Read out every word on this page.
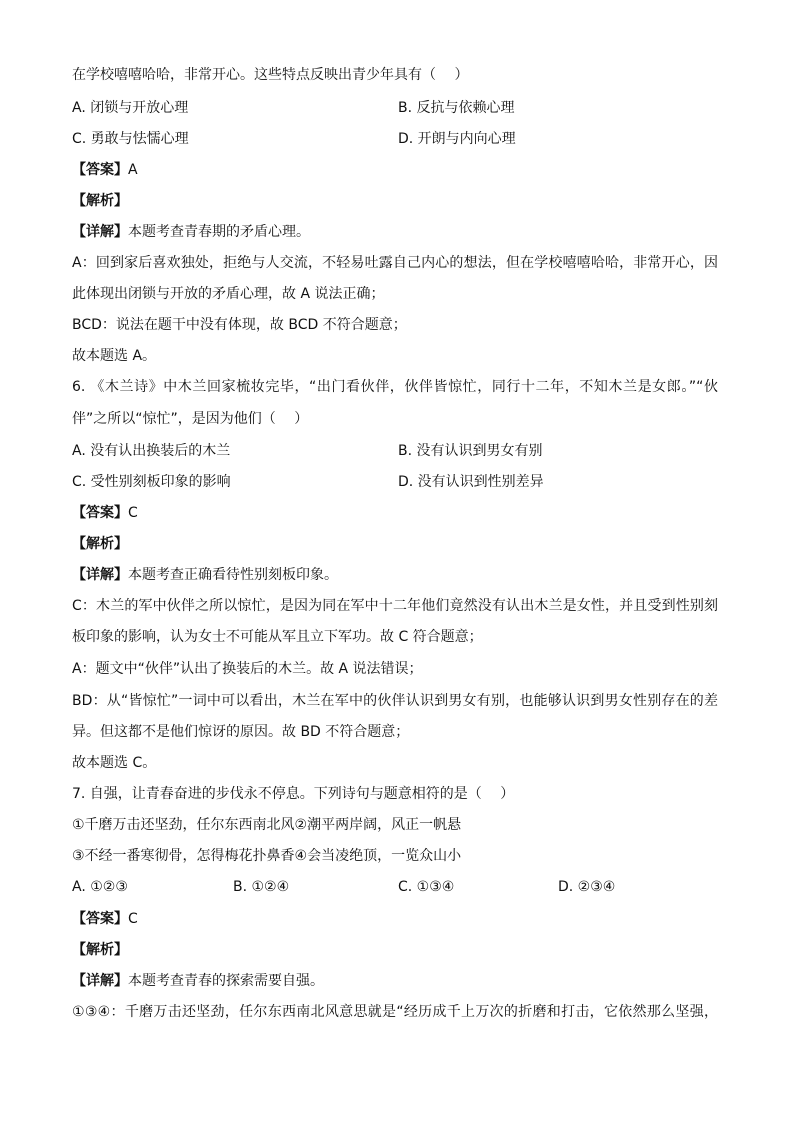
在学校嘻嘻哈哈，非常开心。这些特点反映出青少年具有（　 ）
A. 闭锁与开放心理	B. 反抗与依赖心理
C. 勇敢与怯懦心理	D. 开朗与内向心理
【答案】A
【解析】
【详解】本题考查青春期的矛盾心理。
A：回到家后喜欢独处，拒绝与人交流，不轻易吐露自己内心的想法，但在学校嘻嘻哈哈，非常开心，因
此体现出闭锁与开放的矛盾心理，故 A 说法正确；
BCD：说法在题干中没有体现，故 BCD 不符合题意；
故本题选 A。
6. 《木兰诗》中木兰回家梳妆完毕，“出门看伙伴，伙伴皆惊忙，同行十二年，不知木兰是女郎。”“伙
伴”之所以“惊忙”，是因为他们（　 ）
A. 没有认出换装后的木兰	B. 没有认识到男女有别
C. 受性别刻板印象的影响	D. 没有认识到性别差异
【答案】C
【解析】
【详解】本题考查正确看待性别刻板印象。
C：木兰的军中伙伴之所以惊忙，是因为同在军中十二年他们竟然没有认出木兰是女性，并且受到性别刻
板印象的影响，认为女士不可能从军且立下军功。故 C 符合题意；
A：题文中“伙伴”认出了换装后的木兰。故 A 说法错误；
BD：从“皆惊忙”一词中可以看出，木兰在军中的伙伴认识到男女有别，也能够认识到男女性别存在的差
异。但这都不是他们惊讶的原因。故 BD 不符合题意；
故本题选 C。
7. 自强，让青春奋进的步伐永不停息。下列诗句与题意相符的是（　 ）
①千磨万击还坚劲，任尔东西南北风②潮平两岸阔，风正一帆悬
③不经一番寒彻骨，怎得梅花扑鼻香④会当凌绝顶，一览众山小
A. ①②③	B. ①②④	C. ①③④	D. ②③④
【答案】C
【解析】
【详解】本题考查青春的探索需要自强。
①③④：千磨万击还坚劲，任尔东西南北风意思就是“经历成千上万次的折磨和打击，它依然那么坚强，
